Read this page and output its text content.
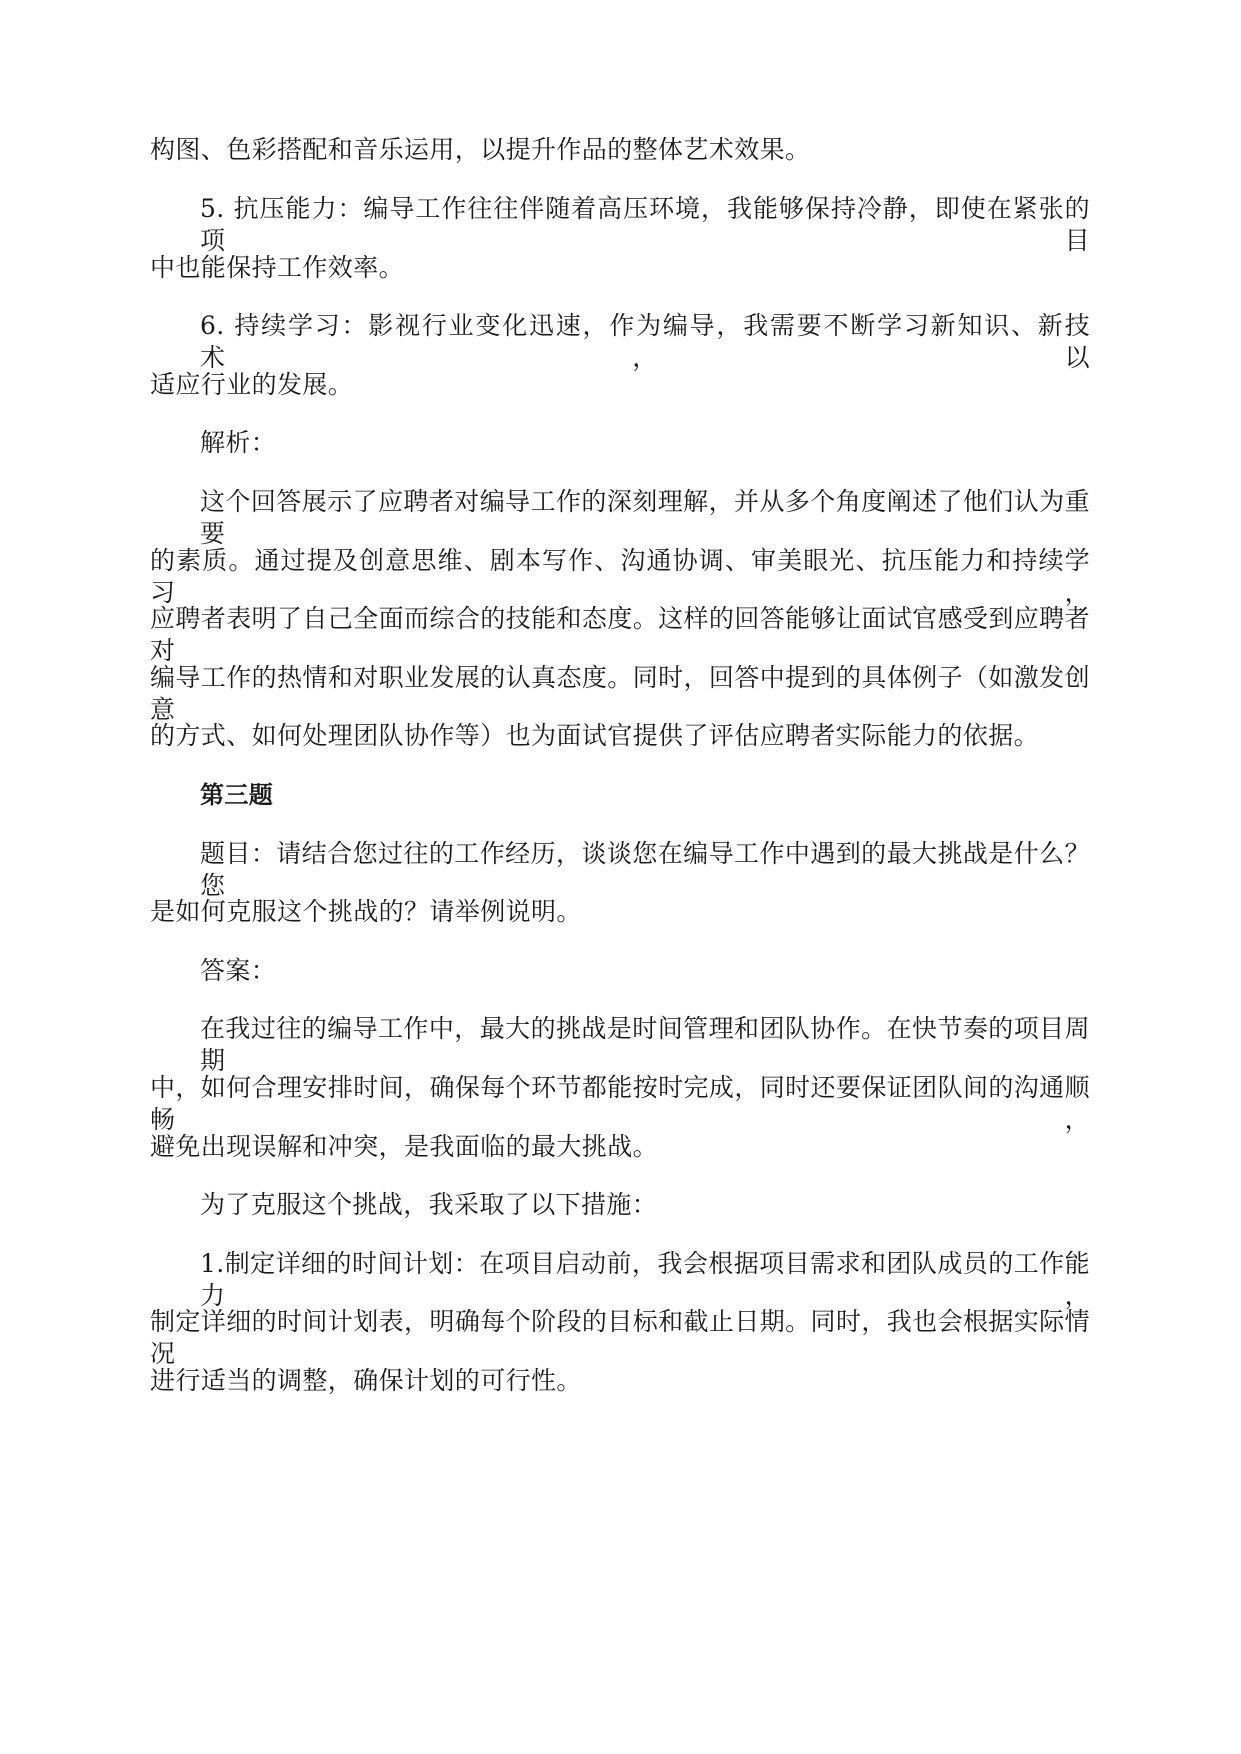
构图、色彩搭配和音乐运用，以提升作品的整体艺术效果。
5. 抗压能力：编导工作往往伴随着高压环境，我能够保持冷静，即使在紧张的项目
中也能保持工作效率。
6. 持续学习：影视行业变化迅速，作为编导，我需要不断学习新知识、新技术，以
适应行业的发展。
解析：
这个回答展示了应聘者对编导工作的深刻理解，并从多个角度阐述了他们认为重要
的素质。通过提及创意思维、剧本写作、沟通协调、审美眼光、抗压能力和持续学习，
应聘者表明了自己全面而综合的技能和态度。这样的回答能够让面试官感受到应聘者对
编导工作的热情和对职业发展的认真态度。同时，回答中提到的具体例子（如激发创意
的方式、如何处理团队协作等）也为面试官提供了评估应聘者实际能力的依据。
第三题
题目：请结合您过往的工作经历，谈谈您在编导工作中遇到的最大挑战是什么？您
是如何克服这个挑战的？请举例说明。
答案：
在我过往的编导工作中，最大的挑战是时间管理和团队协作。在快节奏的项目周期
中，如何合理安排时间，确保每个环节都能按时完成，同时还要保证团队间的沟通顺畅，
避免出现误解和冲突，是我面临的最大挑战。
为了克服这个挑战，我采取了以下措施：
1.制定详细的时间计划：在项目启动前，我会根据项目需求和团队成员的工作能力，
制定详细的时间计划表，明确每个阶段的目标和截止日期。同时，我也会根据实际情况
进行适当的调整，确保计划的可行性。
